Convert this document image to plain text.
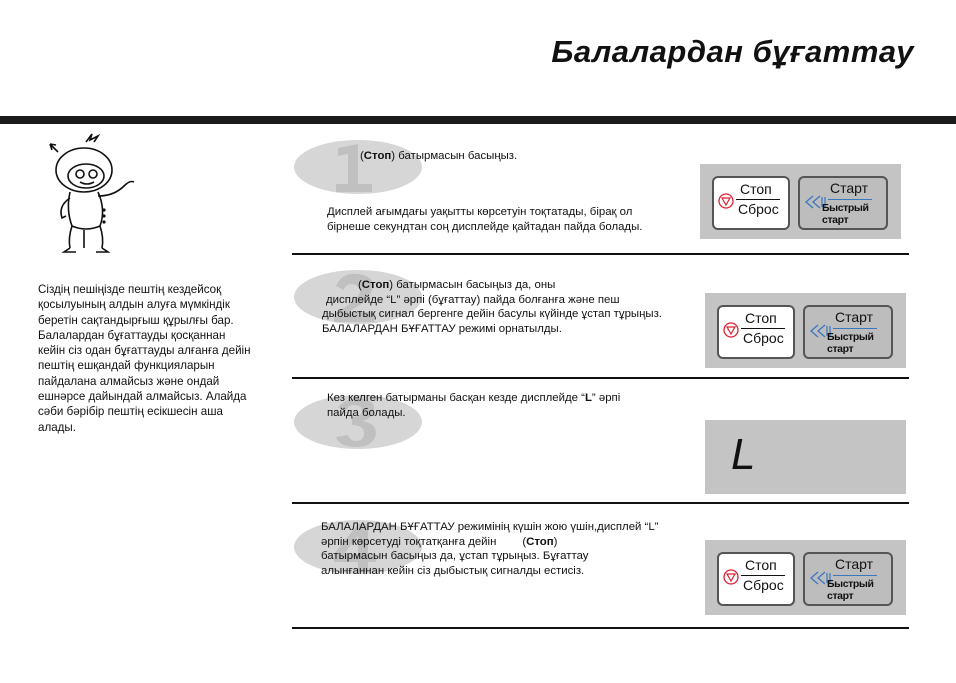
Балалардан бұғаттау
Сіздің пешіңізде пештің кездейсоқ қосылуының алдын алуға мүмкіндік беретін сақтандырғыш құрылғы бар. Балалардан бұғаттауды қосқаннан кейін сіз одан бұғаттауды алғанға дейін пештің ешқандай функцияларын пайдалана алмайсыз және ондай ешнәрсе дайындай алмайсыз. Алайда сәби бәрібір пештің есікшесін аша алады.
(Стоп) батырмасын басыңыз.
Дисплей ағымдағы уақытты көрсетуін тоқтатады, бірақ ол бірнеше секундтан соң дисплейде қайтадан пайда болады.
(Стоп) батырмасын басыңыз да, оны
дисплейде “L” әрпі (бұғаттау) пайда болғанға және пеш
дыбыстық сигнал бергенге дейін басулы күйінде ұстап тұрыңыз.
БАЛАЛАРДАН БҰҒАТТАУ режимі орнатылды.
Кез келген батырманы басқан кезде дисплейде “L” әрпі
пайда болады.
L
БАЛАЛАРДАН БҰҒАТТАУ режимінің күшін жою үшін,дисплей “L”
әрпін көрсетуді тоқтатқанға дейін (Стоп)
батырмасын басыңыз да, ұстап тұрыңыз. Бұғаттау
алынғаннан кейін сіз дыбыстық сигналды естисіз.
Стоп
Сброс
Старт
Быстрый старт
Стоп
Сброс
Старт
Быстрый старт
Стоп
Сброс
Старт
Быстрый старт
